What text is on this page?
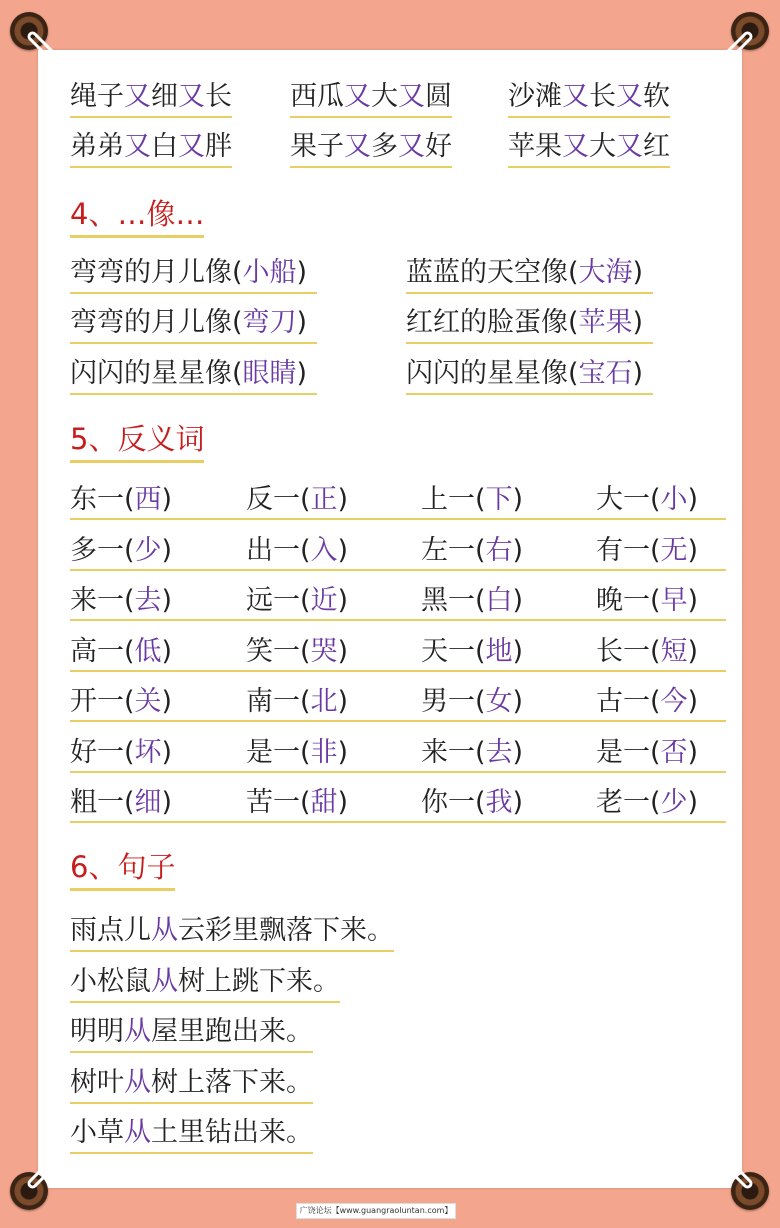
绳子又细又长 西瓜又大又圆 沙滩又长又软
弟弟又白又胖 果子又多又好 苹果又大又红
4、…像…
弯弯的月儿像(小船)	蓝蓝的天空像(大海)
弯弯的月儿像(弯刀)	红红的脸蛋像(苹果)
闪闪的星星像(眼睛)	闪闪的星星像(宝石)
5、反义词
东一(西)	反一(正)	上一(下)	大一(小)
多一(少)	出一(入)	左一(右)	有一(无)
来一(去)	远一(近)	黑一(白)	晚一(早)
高一(低)	笑一(哭)	天一(地)	长一(短)
开一(关)	南一(北)	男一(女)	古一(今)
好一(坏)	是一(非)	来一(去)	是一(否)
粗一(细)	苦一(甜)	你一(我)	老一(少)
6、句子
雨点儿从云彩里飘落下来。
小松鼠从树上跳下来。
明明从屋里跑出来。
树叶从树上落下来。
小草从土里钻出来。
广饶论坛【www.guangraoluntan.com】
